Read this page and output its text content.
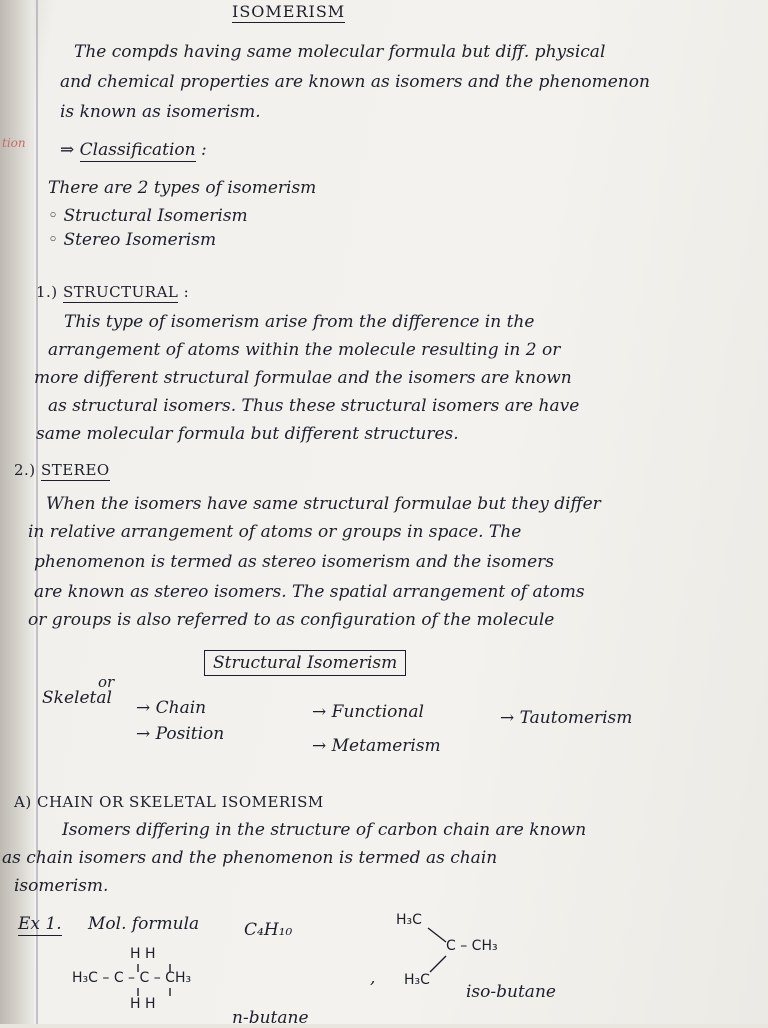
tion
ISOMERISM
The compds having same molecular formula but diff. physical
and chemical properties are known as isomers and the phenomenon
is known as isomerism.
⇒ Classification :
There are 2 types of isomerism
◦ Structural Isomerism
◦ Stereo Isomerism
1.) STRUCTURAL :
This type of isomerism arise from the difference in the
arrangement of atoms within the molecule resulting in 2 or
more different structural formulae and the isomers are known
as structural isomers. Thus these structural isomers are have
same molecular formula but different structures.
2.) STEREO
When the isomers have same structural formulae but they differ
in relative arrangement of atoms or groups in space. The
phenomenon is termed as stereo isomerism and the isomers
are known as stereo isomers. The spatial arrangement of atoms
or groups is also referred to as configuration of the molecule
Structural Isomerism
or
Skeletal → Chain
→ Position
→ Functional
→ Metamerism
→ Tautomerism
A) CHAIN OR SKELETAL ISOMERISM
Isomers differing in the structure of carbon chain are known
as chain isomers and the phenomenon is termed as chain
isomerism.
Ex 1. Mol. formula	C₄H₁₀
H H
H₃C – C – C – CH₃
H H
n-butane
,
H₃C
C – CH₃
H₃C
iso-butane
